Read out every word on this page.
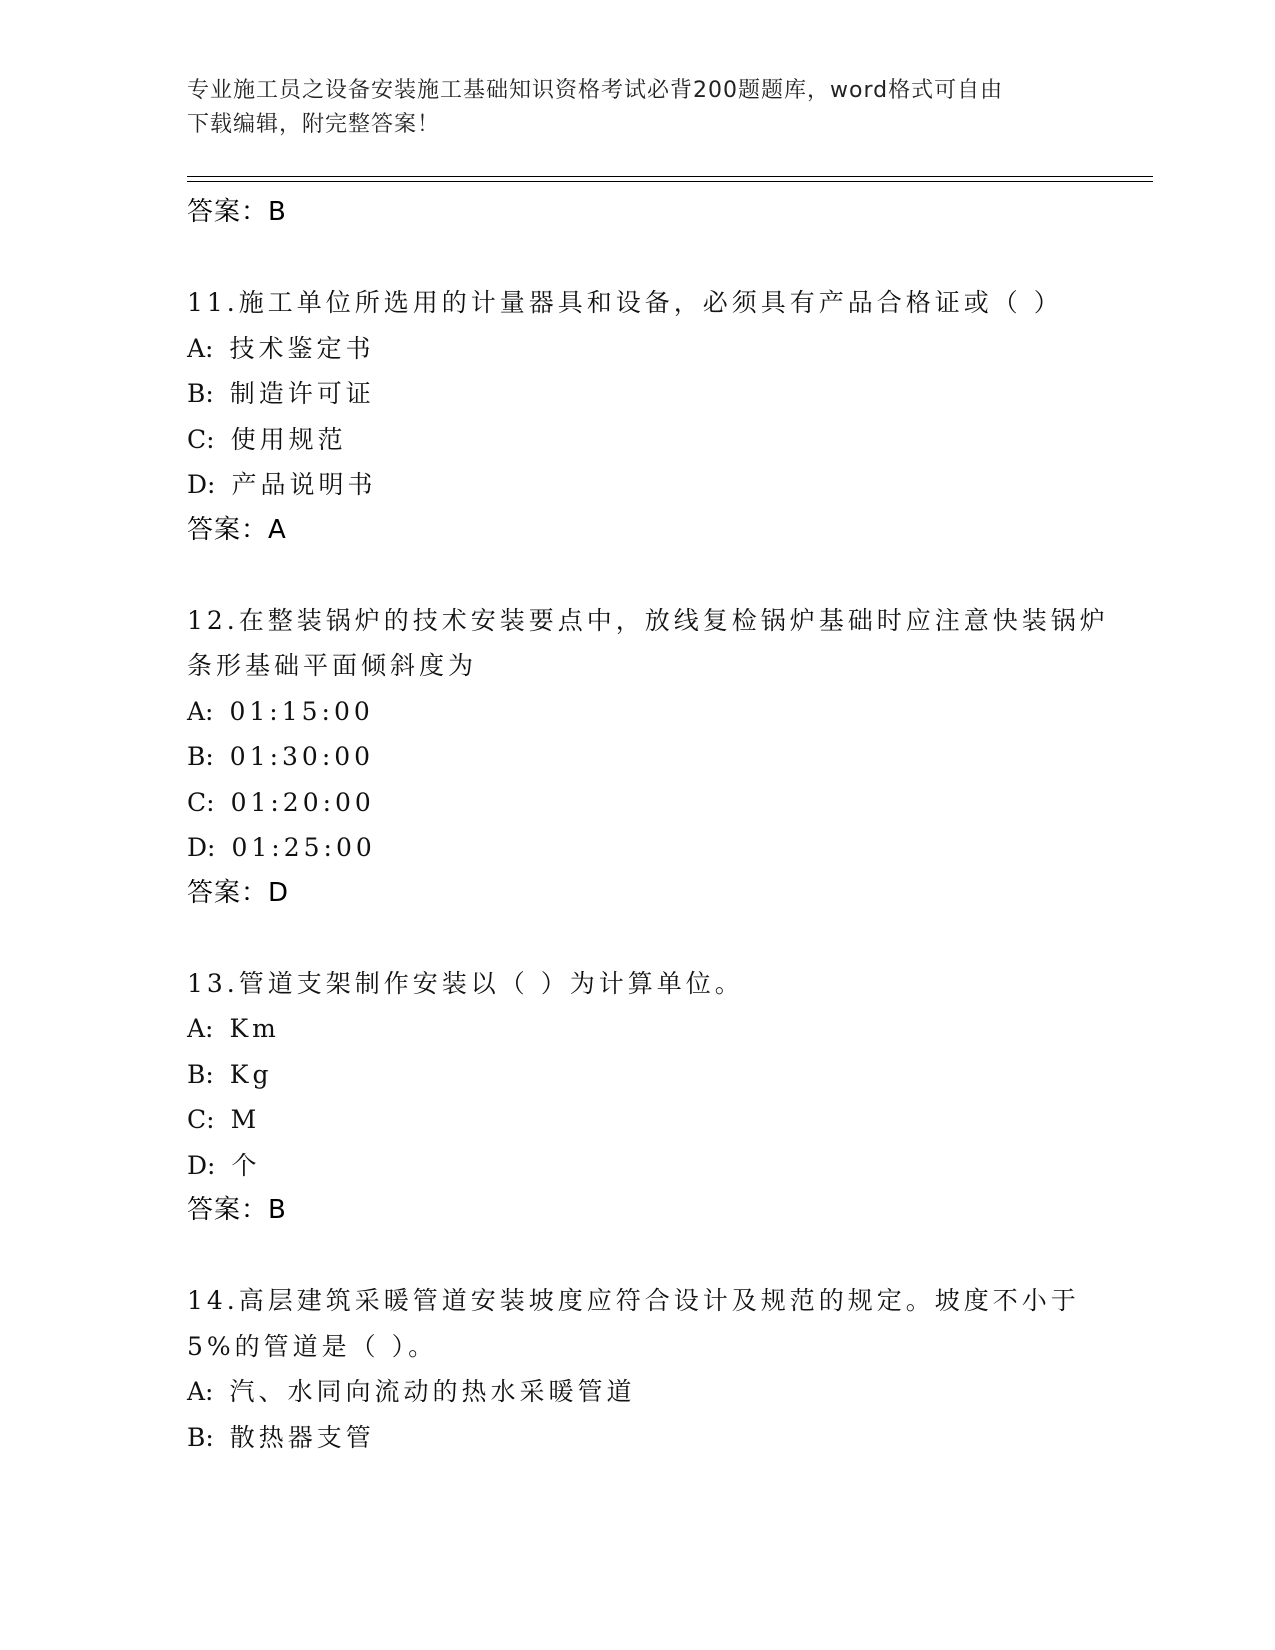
专业施工员之设备安装施工基础知识资格考试必背200题题库，word格式可自由
下载编辑，附完整答案！
答案：B
11.施工单位所选用的计量器具和设备，必须具有产品合格证或（ ）
A: 技术鉴定书
B: 制造许可证
C: 使用规范
D: 产品说明书
答案：A
12.在整装锅炉的技术安装要点中，放线复检锅炉基础时应注意快装锅炉条形基础平面倾斜度为
A: 01:15:00
B: 01:30:00
C: 01:20:00
D: 01:25:00
答案：D
13.管道支架制作安装以（ ）为计算单位。
A: Km
B: Kg
C: M
D: 个
答案：B
14.高层建筑采暖管道安装坡度应符合设计及规范的规定。坡度不小于5%的管道是（ ）。
A: 汽、水同向流动的热水采暖管道
B: 散热器支管
